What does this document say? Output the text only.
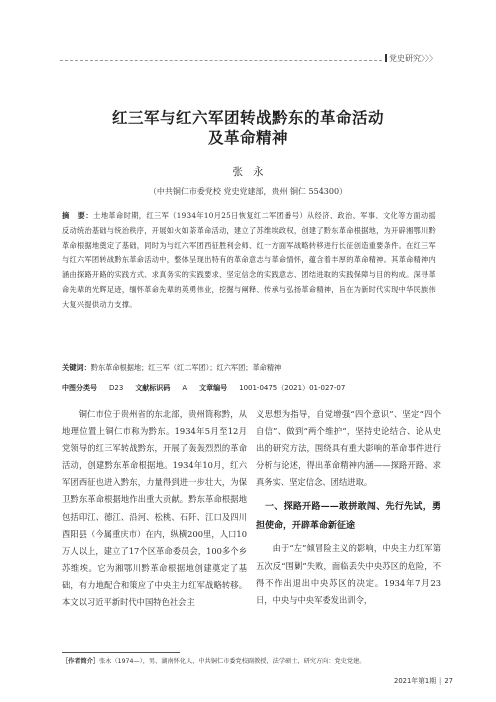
党史研究〉〉〉
红三军与红六军团转战黔东的革命活动
及革命精神
张永
（中共铜仁市委党校 党史党建部，贵州 铜仁 554300）
摘　要：土地革命时期，红三军（1934年10月25日恢复红二军团番号）从经济、政治、军事、文化等方面动摇反动统治基础与统治秩序，开展如火如荼革命活动，建立了苏维埃政权，创建了黔东革命根据地，为开辟湘鄂川黔革命根据地奠定了基础，同时为与红六军团西征胜利会师、红一方面军战略转移进行长征创造重要条件。在红三军与红六军团转战黔东革命活动中，整体呈现出特有的革命意志与革命情怀，蕴含着丰厚的革命精神。其革命精神内涵由探路开路的实践方式、求真务实的实践要求、坚定信念的实践意志、团结进取的实践保障与目的构成。深寻革命先辈的光辉足迹，缅怀革命先辈的英勇伟业，挖掘与阐释、传承与弘扬革命精神，旨在为新时代实现中华民族伟大复兴提供动力支撑。
关键词：黔东革命根据地；红三军（红二军团）；红六军团；革命精神
中图分类号 D23 文献标识码 A 文章编号 1001-0475（2021）01-027-07

铜仁市位于贵州省的东北部，贵州筒称黔，从地理位置上铜仁市称为黔东。1934年5月至12月党领导的红三军转战黔东，开展了轰轰烈烈的革命活动，创建黔东革命根据地。1934年10月，红六军团西征也进入黔东，力量得到进一步壮大，为保卫黔东革命根据地作出重大贡献。黔东革命根据地包括印江、德江、沿河、松桃、石阡、江口及四川酉阳县（今属重庆市）在内，纵横200里，人口10万人以上，建立了17个区革命委员会，100多个乡苏维埃。它为湘鄂川黔革命根据地创建奠定了基础，有力地配合和策应了中央主力红军战略转移。本文以习近平新时代中国特色社会主

义思想为指导，自觉增强“四个意识”、坚定“四个自信”、做到“两个维护”，坚持史论结合、论从史出的研究方法，围绕具有重大影响的革命事件进行分析与论述，得出革命精神内涵——探路开路、求真务实、坚定信念、团结进取。

一、探路开路——敢拼敢闯、先行先试，勇担使命，开辟革命新征途

由于“左”倾冒险主义的影响，中央主力红军第五次反“围剿”失败，面临丢失中央苏区的危险，不得不作出退出中央苏区的决定。1934年7月23日，中央与中央军委发出训令，

［作者简介］张永（1974—），男，湖南怀化人，中共铜仁市委党校副教授，法学硕士，研究方向：党史党建。
2021年第1期 | 27
